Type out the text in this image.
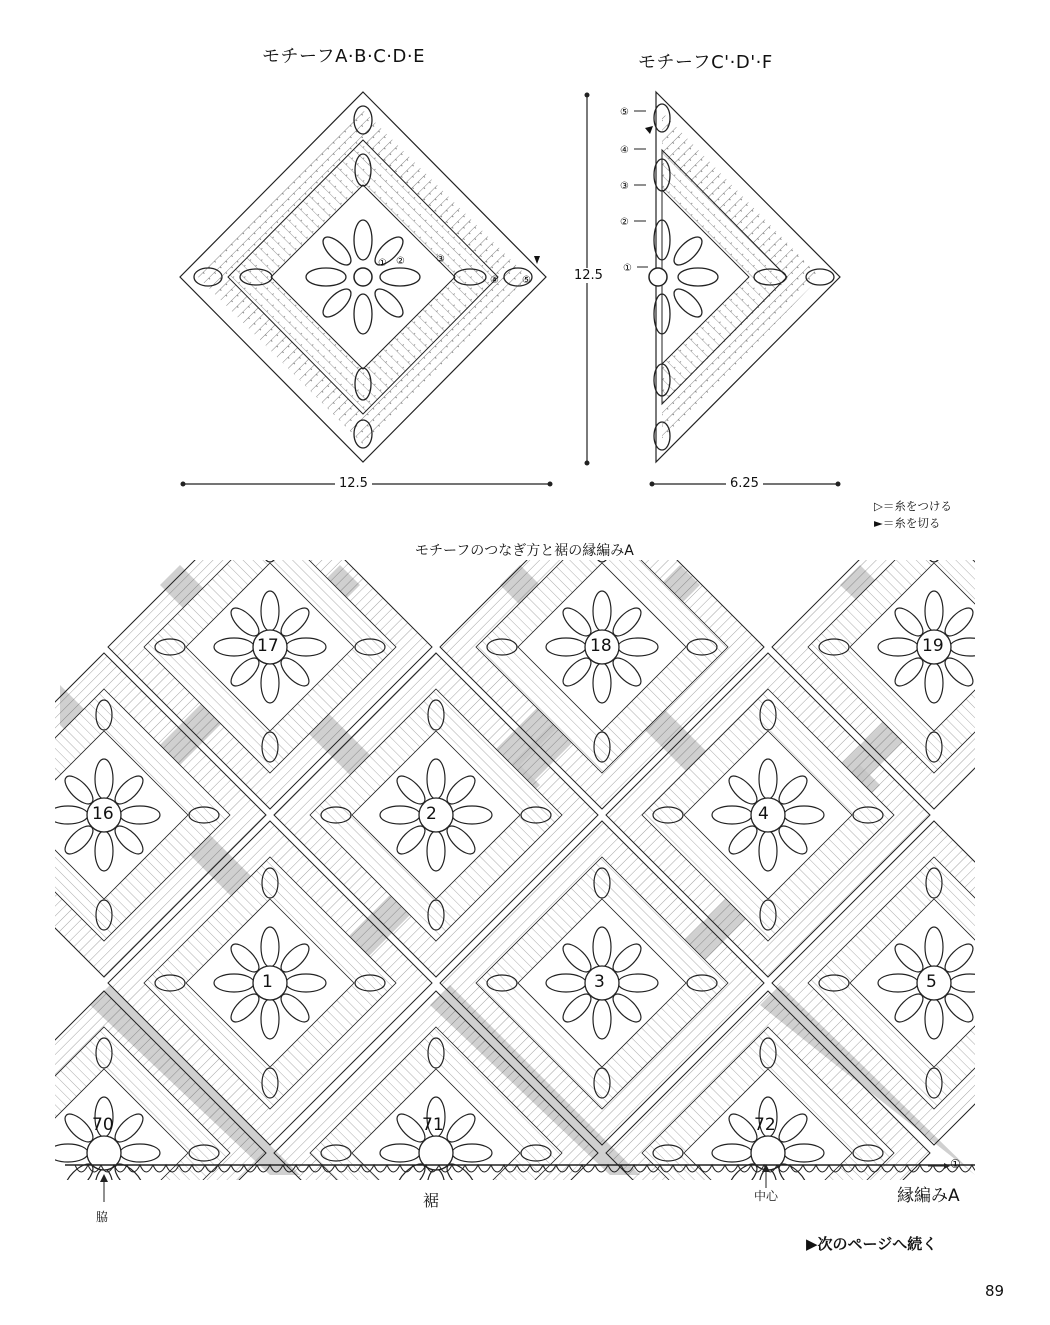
モチーフA·B·C·D·E	モチーフC'·D'·F
① ②	③
④ ⑤
⑤
④
③
②
①
12.5
12.5	6.25
▷＝糸をつける
►＝糸を切る
モチーフのつなぎ方と裾の縁編みA
17	18	19
16	2	4
1	3	5
70	71	72
裾	中心
脇
縁編みA
①
▶次のページへ続く
89
